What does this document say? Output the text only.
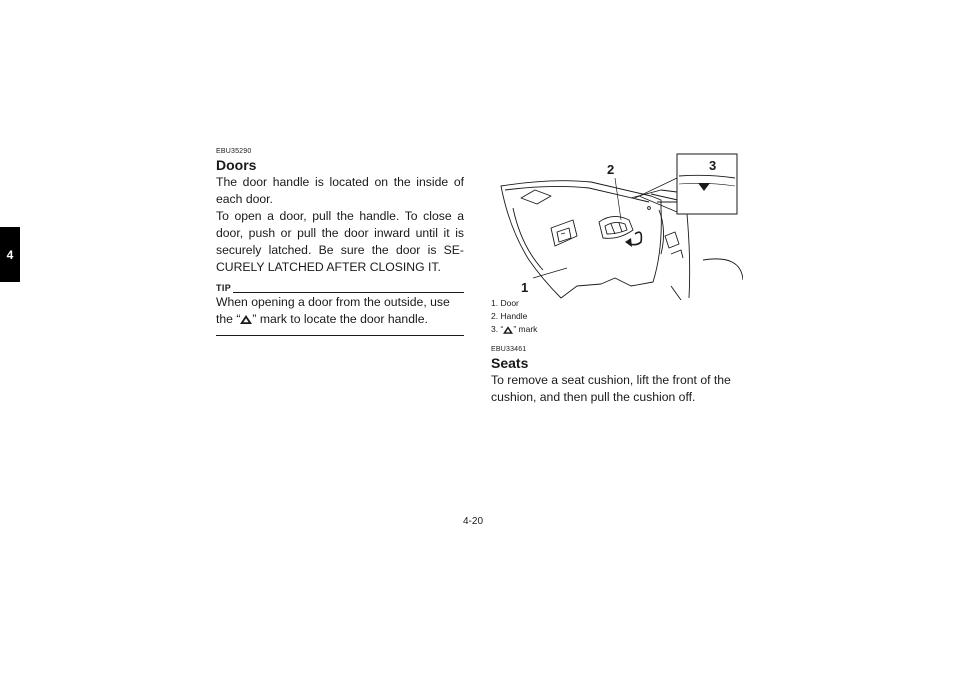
4
EBU35290
Doors

The door handle is located on the inside of each door.

To open a door, pull the handle. To close a door, push or pull the door inward until it is securely latched. Be sure the door is SE-CURELY LATCHED AFTER CLOSING IT.

TIP
When opening a door from the outside, use the “ ” mark to locate the door handle.
1
2	3
1. Door
2. Handle
3. “ ” mark
EBU33461
Seats

To remove a seat cushion, lift the front of the cushion, and then pull the cushion off.

4-20
